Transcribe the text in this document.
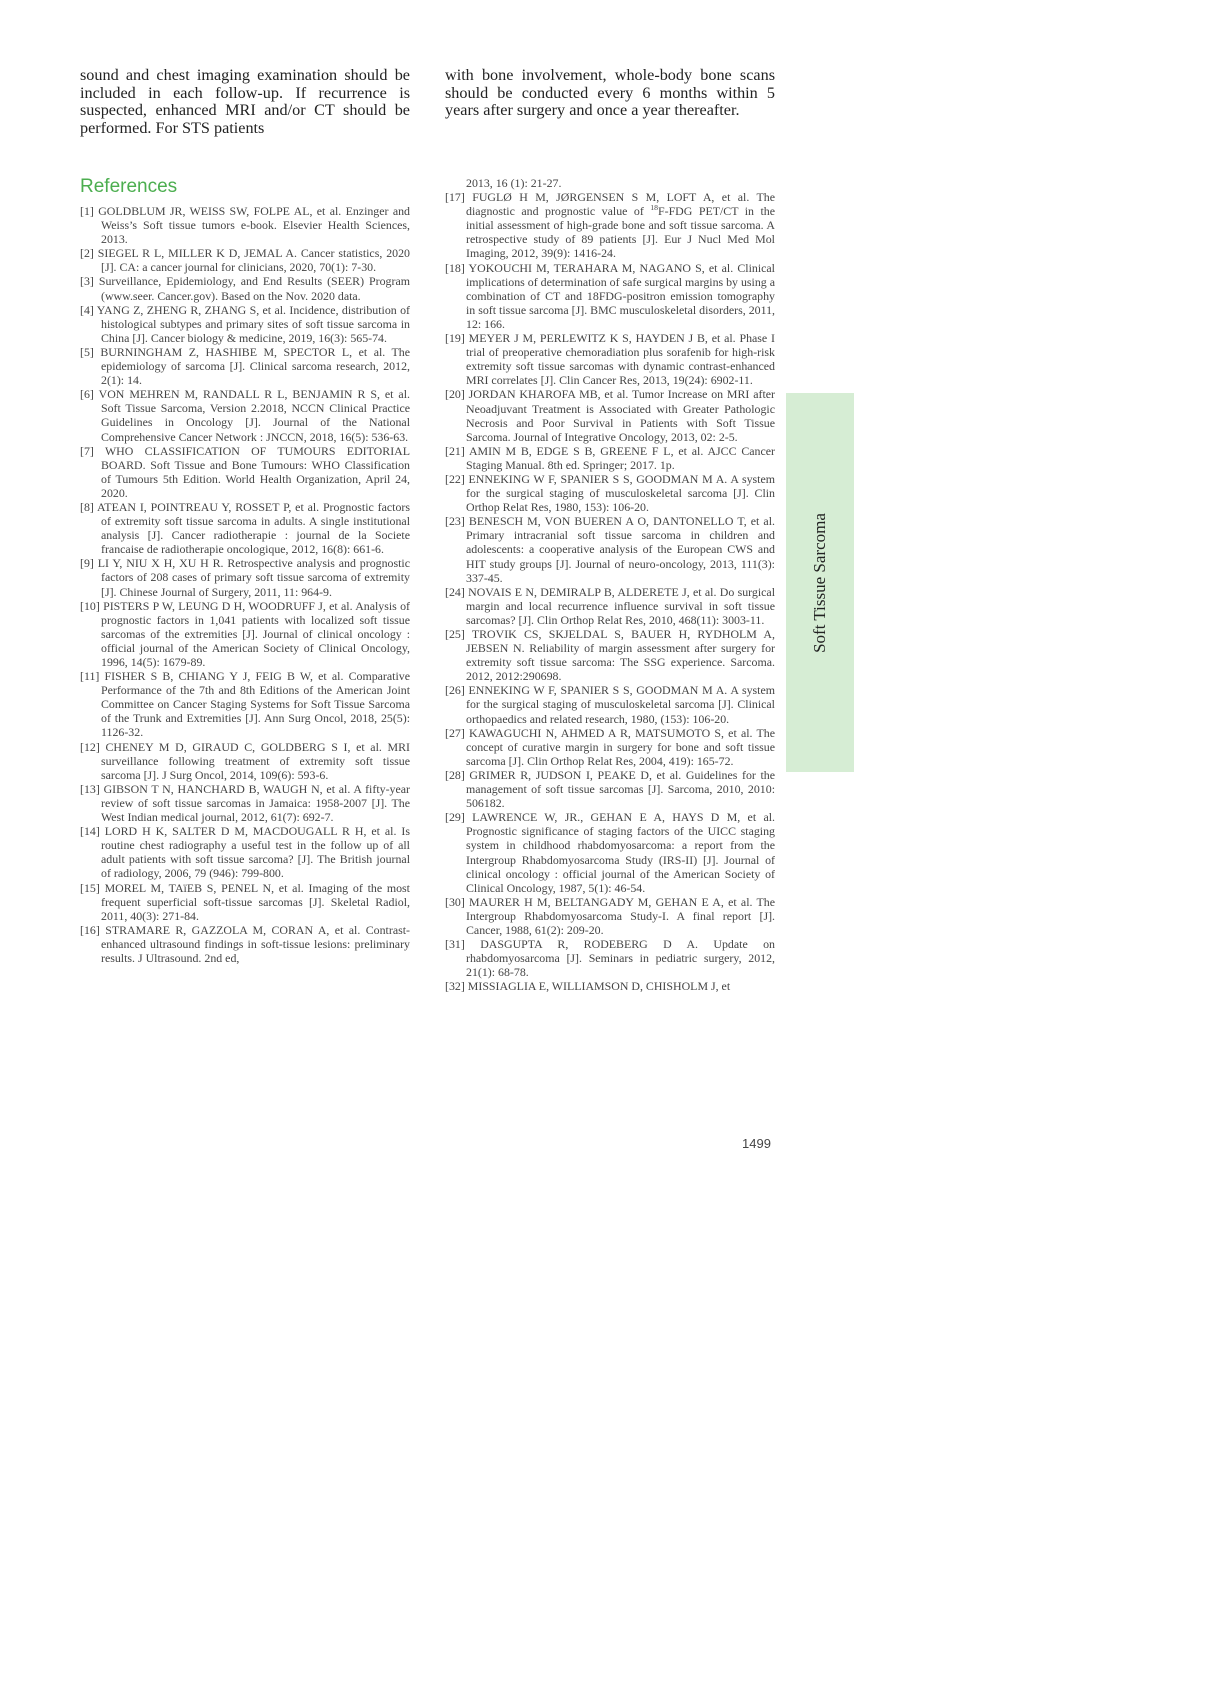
sound and chest imaging examination should be included in each follow-up. If recurrence is suspected, enhanced MRI and/or CT should be performed. For STS patients

with bone involvement, whole-body bone scans should be conducted every 6 months within 5 years after surgery and once a year thereafter.

References
[1] GOLDBLUM JR, WEISS SW, FOLPE AL, et al. Enzinger and Weiss’s Soft tissue tumors e-book. Elsevier Health Sciences, 2013.
[2] SIEGEL R L, MILLER K D, JEMAL A. Cancer statistics, 2020 [J]. CA: a cancer journal for clinicians, 2020, 70(1): 7-30.
[3] Surveillance, Epidemiology, and End Results (SEER) Program (www.seer. Cancer.gov). Based on the Nov. 2020 data.
[4] YANG Z, ZHENG R, ZHANG S, et al. Incidence, distribution of histological subtypes and primary sites of soft tissue sarcoma in China [J]. Cancer biology & medicine, 2019, 16(3): 565-74.
[5] BURNINGHAM Z, HASHIBE M, SPECTOR L, et al. The epidemiology of sarcoma [J]. Clinical sarcoma research, 2012, 2(1): 14.
[6] VON MEHREN M, RANDALL R L, BENJAMIN R S, et al. Soft Tissue Sarcoma, Version 2.2018, NCCN Clinical Practice Guidelines in Oncology [J]. Journal of the National Comprehensive Cancer Network : JNCCN, 2018, 16(5): 536-63.
[7] WHO CLASSIFICATION OF TUMOURS EDITORIAL BOARD. Soft Tissue and Bone Tumours: WHO Classification of Tumours 5th Edition. World Health Organization, April 24, 2020.
[8] ATEAN I, POINTREAU Y, ROSSET P, et al. Prognostic factors of extremity soft tissue sarcoma in adults. A single institutional analysis [J]. Cancer radiotherapie : journal de la Societe francaise de radiotherapie oncologique, 2012, 16(8): 661-6.
[9] LI Y, NIU X H, XU H R. Retrospective analysis and prognostic factors of 208 cases of primary soft tissue sarcoma of extremity [J]. Chinese Journal of Surgery, 2011, 11: 964-9.
[10] PISTERS P W, LEUNG D H, WOODRUFF J, et al. Analysis of prognostic factors in 1,041 patients with localized soft tissue sarcomas of the extremities [J]. Journal of clinical oncology : official journal of the American Society of Clinical Oncology, 1996, 14(5): 1679-89.
[11] FISHER S B, CHIANG Y J, FEIG B W, et al. Comparative Performance of the 7th and 8th Editions of the American Joint Committee on Cancer Staging Systems for Soft Tissue Sarcoma of the Trunk and Extremities [J]. Ann Surg Oncol, 2018, 25(5): 1126-32.
[12] CHENEY M D, GIRAUD C, GOLDBERG S I, et al. MRI surveillance following treatment of extremity soft tissue sarcoma [J]. J Surg Oncol, 2014, 109(6): 593-6.
[13] GIBSON T N, HANCHARD B, WAUGH N, et al. A fifty-year review of soft tissue sarcomas in Jamaica: 1958-2007 [J]. The West Indian medical journal, 2012, 61(7): 692-7.
[14] LORD H K, SALTER D M, MACDOUGALL R H, et al. Is routine chest radiography a useful test in the follow up of all adult patients with soft tissue sarcoma? [J]. The British journal of radiology, 2006, 79 (946): 799-800.
[15] MOREL M, TAïEB S, PENEL N, et al. Imaging of the most frequent superficial soft-tissue sarcomas [J]. Skeletal Radiol, 2011, 40(3): 271-84.
[16] STRAMARE R, GAZZOLA M, CORAN A, et al. Contrast-enhanced ultrasound findings in soft-tissue lesions: preliminary results. J Ultrasound. 2nd ed,
2013, 16 (1): 21-27.
[17] FUGLØ H M, JØRGENSEN S M, LOFT A, et al. The diagnostic and prognostic value of $^{18}$F-FDG PET/CT in the initial assessment of high-grade bone and soft tissue sarcoma. A retrospective study of 89 patients [J]. Eur J Nucl Med Mol Imaging, 2012, 39(9): 1416-24.
[18] YOKOUCHI M, TERAHARA M, NAGANO S, et al. Clinical implications of determination of safe surgical margins by using a combination of CT and 18FDG-positron emission tomography in soft tissue sarcoma [J]. BMC musculoskeletal disorders, 2011, 12: 166.
[19] MEYER J M, PERLEWITZ K S, HAYDEN J B, et al. Phase I trial of preoperative chemoradiation plus sorafenib for high-risk extremity soft tissue sarcomas with dynamic contrast-enhanced MRI correlates [J]. Clin Cancer Res, 2013, 19(24): 6902-11.
[20] JORDAN KHAROFA MB, et al. Tumor Increase on MRI after Neoadjuvant Treatment is Associated with Greater Pathologic Necrosis and Poor Survival in Patients with Soft Tissue Sarcoma. Journal of Integrative Oncology, 2013, 02: 2-5.
[21] AMIN M B, EDGE S B, GREENE F L, et al. AJCC Cancer Staging Manual. 8th ed. Springer; 2017. 1p.
[22] ENNEKING W F, SPANIER S S, GOODMAN M A. A system for the surgical staging of musculoskeletal sarcoma [J]. Clin Orthop Relat Res, 1980, 153): 106-20.
[23] BENESCH M, VON BUEREN A O, DANTONELLO T, et al. Primary intracranial soft tissue sarcoma in children and adolescents: a cooperative analysis of the European CWS and HIT study groups [J]. Journal of neuro-oncology, 2013, 111(3): 337-45.
[24] NOVAIS E N, DEMIRALP B, ALDERETE J, et al. Do surgical margin and local recurrence influence survival in soft tissue sarcomas? [J]. Clin Orthop Relat Res, 2010, 468(11): 3003-11.
[25] TROVIK CS, SKJELDAL S, BAUER H, RYDHOLM A, JEBSEN N. Reliability of margin assessment after surgery for extremity soft tissue sarcoma: The SSG experience. Sarcoma. 2012, 2012:290698.
[26] ENNEKING W F, SPANIER S S, GOODMAN M A. A system for the surgical staging of musculoskeletal sarcoma [J]. Clinical orthopaedics and related research, 1980, (153): 106-20.
[27] KAWAGUCHI N, AHMED A R, MATSUMOTO S, et al. The concept of curative margin in surgery for bone and soft tissue sarcoma [J]. Clin Orthop Relat Res, 2004, 419): 165-72.
[28] GRIMER R, JUDSON I, PEAKE D, et al. Guidelines for the management of soft tissue sarcomas [J]. Sarcoma, 2010, 2010: 506182.
[29] LAWRENCE W, JR., GEHAN E A, HAYS D M, et al. Prognostic significance of staging factors of the UICC staging system in childhood rhabdomyosarcoma: a report from the Intergroup Rhabdomyosarcoma Study (IRS-II) [J]. Journal of clinical oncology : official journal of the American Society of Clinical Oncology, 1987, 5(1): 46-54.
[30] MAURER H M, BELTANGADY M, GEHAN E A, et al. The Intergroup Rhabdomyosarcoma Study-I. A final report [J]. Cancer, 1988, 61(2): 209-20.
[31] DASGUPTA R, RODEBERG D A. Update on rhabdomyosarcoma [J]. Seminars in pediatric surgery, 2012, 21(1): 68-78.
[32] MISSIAGLIA E, WILLIAMSON D, CHISHOLM J, et
Soft Tissue Sarcoma
1499
